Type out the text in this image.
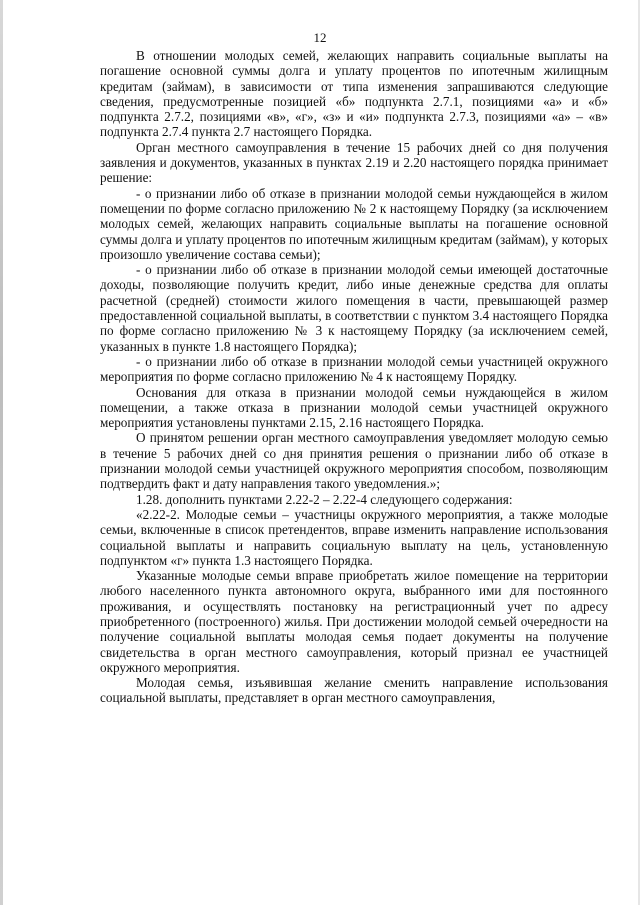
12

В отношении молодых семей, желающих направить социальные выплаты на погашение основной суммы долга и уплату процентов по ипотечным жилищным кредитам (займам), в зависимости от типа изменения запрашиваются следующие сведения, предусмотренные позицией «б» подпункта 2.7.1, позициями «а» и «б» подпункта 2.7.2, позициями «в», «г», «з» и «и» подпункта 2.7.3, позициями «а» – «в» подпункта 2.7.4 пункта 2.7 настоящего Порядка.

Орган местного самоуправления в течение 15 рабочих дней со дня получения заявления и документов, указанных в пунктах 2.19 и 2.20 настоящего порядка принимает решение:

- о признании либо об отказе в признании молодой семьи нуждающейся в жилом помещении по форме согласно приложению № 2 к настоящему Порядку (за исключением молодых семей, желающих направить социальные выплаты на погашение основной суммы долга и уплату процентов по ипотечным жилищным кредитам (займам), у которых произошло увеличение состава семьи);

- о признании либо об отказе в признании молодой семьи имеющей достаточные доходы, позволяющие получить кредит, либо иные денежные средства для оплаты расчетной (средней) стоимости жилого помещения в части, превышающей размер предоставленной социальной выплаты, в соответствии с пунктом 3.4 настоящего Порядка по форме согласно приложению № 3 к настоящему Порядку (за исключением семей, указанных в пункте 1.8 настоящего Порядка);

- о признании либо об отказе в признании молодой семьи участницей окружного мероприятия по форме согласно приложению № 4 к настоящему Порядку.

Основания для отказа в признании молодой семьи нуждающейся в жилом помещении, а также отказа в признании молодой семьи участницей окружного мероприятия установлены пунктами 2.15, 2.16 настоящего Порядка.

О принятом решении орган местного самоуправления уведомляет молодую семью в течение 5 рабочих дней со дня принятия решения о признании либо об отказе в признании молодой семьи участницей окружного мероприятия способом, позволяющим подтвердить факт и дату направления такого уведомления.»;

1.28. дополнить пунктами 2.22-2 – 2.22-4 следующего содержания:

«2.22-2. Молодые семьи – участницы окружного мероприятия, а также молодые семьи, включенные в список претендентов, вправе изменить направление использования социальной выплаты и направить социальную выплату на цель, установленную подпунктом «г» пункта 1.3 настоящего Порядка.

Указанные молодые семьи вправе приобретать жилое помещение на территории любого населенного пункта автономного округа, выбранного ими для постоянного проживания, и осуществлять постановку на регистрационный учет по адресу приобретенного (построенного) жилья. При достижении молодой семьей очередности на получение социальной выплаты молодая семья подает документы на получение свидетельства в орган местного самоуправления, который признал ее участницей окружного мероприятия.

Молодая семья, изъявившая желание сменить направление использования социальной выплаты, представляет в орган местного самоуправления,
